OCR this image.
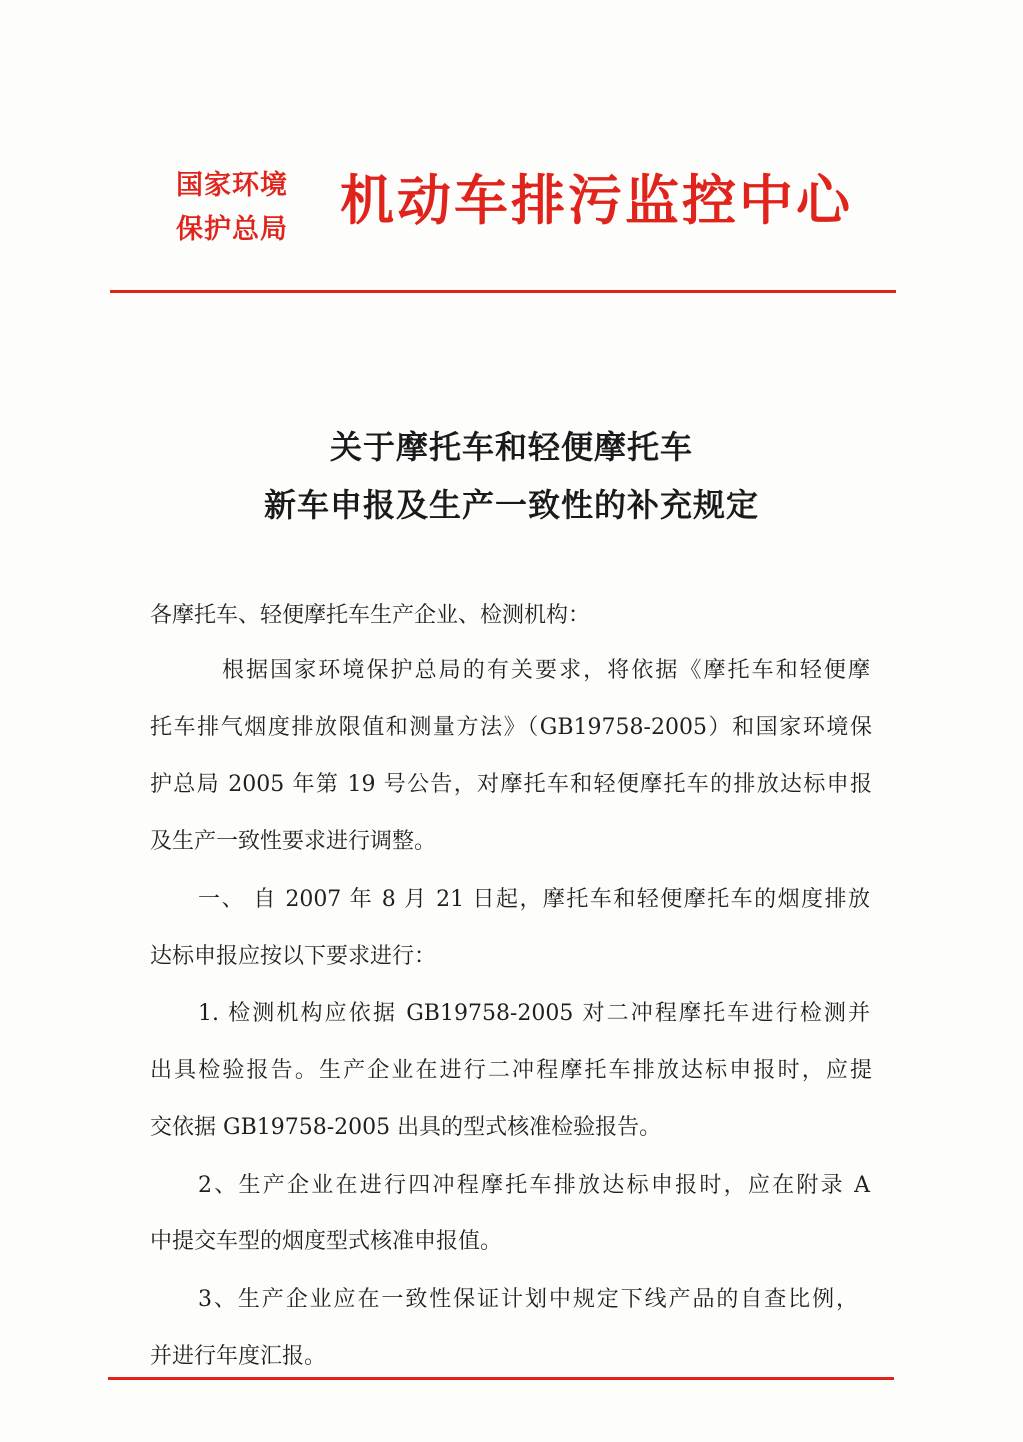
国家环境
保护总局 机动车排污监控中心
关于摩托车和轻便摩托车
新车申报及生产一致性的补充规定
各摩托车、轻便摩托车生产企业、检测机构：
根据国家环境保护总局的有关要求，将依据《摩托车和轻便摩
托车排气烟度排放限值和测量方法》（GB19758-2005）和国家环境保
护总局 2005 年第 19 号公告，对摩托车和轻便摩托车的排放达标申报
及生产一致性要求进行调整。
一、 自 2007 年 8 月 21 日起，摩托车和轻便摩托车的烟度排放
达标申报应按以下要求进行：
1. 检测机构应依据 GB19758-2005 对二冲程摩托车进行检测并
出具检验报告。生产企业在进行二冲程摩托车排放达标申报时，应提
交依据 GB19758-2005 出具的型式核准检验报告。
2、生产企业在进行四冲程摩托车排放达标申报时，应在附录 A
中提交车型的烟度型式核准申报值。
3、生产企业应在一致性保证计划中规定下线产品的自查比例，
并进行年度汇报。
